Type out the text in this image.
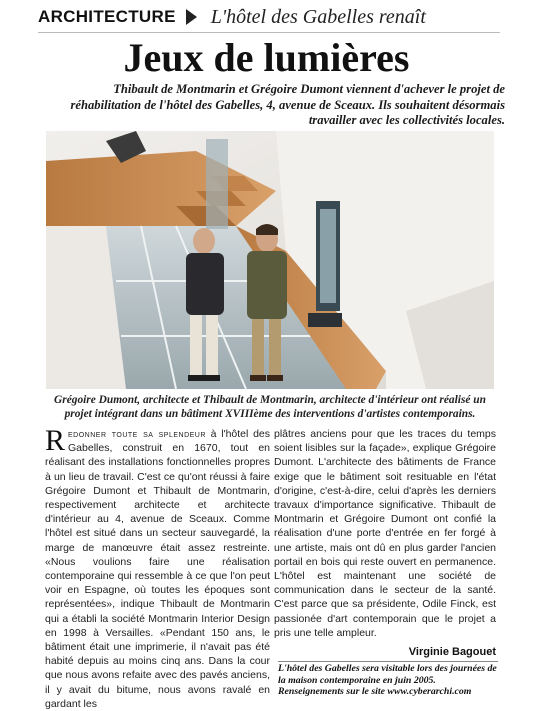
ARCHITECTURE L'hôtel des Gabelles renaît
Jeux de lumières

Thibault de Montmarin et Grégoire Dumont viennent d'achever le projet de réhabilitation de l'hôtel des Gabelles, 4, avenue de Sceaux. Ils souhaitent désormais travailler avec les collectivités locales.

Grégoire Dumont, architecte et Thibault de Montmarin, architecte d'intérieur ont réalisé un projet intégrant dans un bâtiment XVIIIème des interventions d'artistes contemporains.

Redonner toute sa splendeur à l'hôtel des Gabelles, construit en 1670, tout en réalisant des installations fonctionnelles propres à un lieu de travail. C'est ce qu'ont réussi à faire Grégoire Dumont et Thibault de Montmarin, respectivement architecte et architecte d'intérieur au 4, avenue de Sceaux. Comme l'hôtel est situé dans un secteur sauvegardé, la marge de manœuvre était assez restreinte. «Nous voulions faire une réalisation contemporaine qui ressemble à ce que l'on peut voir en Espagne, où toutes les époques sont représentées», indique Thibault de Montmarin qui a établi la société Montmarin Interior Design en 1998 à Versailles. «Pendant 150 ans, le bâtiment était une imprimerie, il n'avait pas été habité depuis au moins cinq ans. Dans la cour que nous avons refaite avec des pavés anciens, il y avait du bitume, nous avons ravalé en gardant les
plâtres anciens pour que les traces du temps soient lisibles sur la façade», explique Grégoire Dumont. L'architecte des bâtiments de France exige que le bâtiment soit resituable en l'état d'origine, c'est-à-dire, celui d'après les derniers travaux d'importance significative. Thibault de Montmarin et Grégoire Dumont ont confié la réalisation d'une porte d'entrée en fer forgé à une artiste, mais ont dû en plus garder l'ancien portail en bois qui reste ouvert en permanence. L'hôtel est maintenant une société de communication dans le secteur de la santé. C'est parce que sa présidente, Odile Finck, est passionée d'art contemporain que le projet a pris une telle ampleur.
Virginie Bagouet

L'hôtel des Gabelles sera visitable lors des journées de la maison contemporaine en juin 2005. Renseignements sur le site www.cyberarchi.com
